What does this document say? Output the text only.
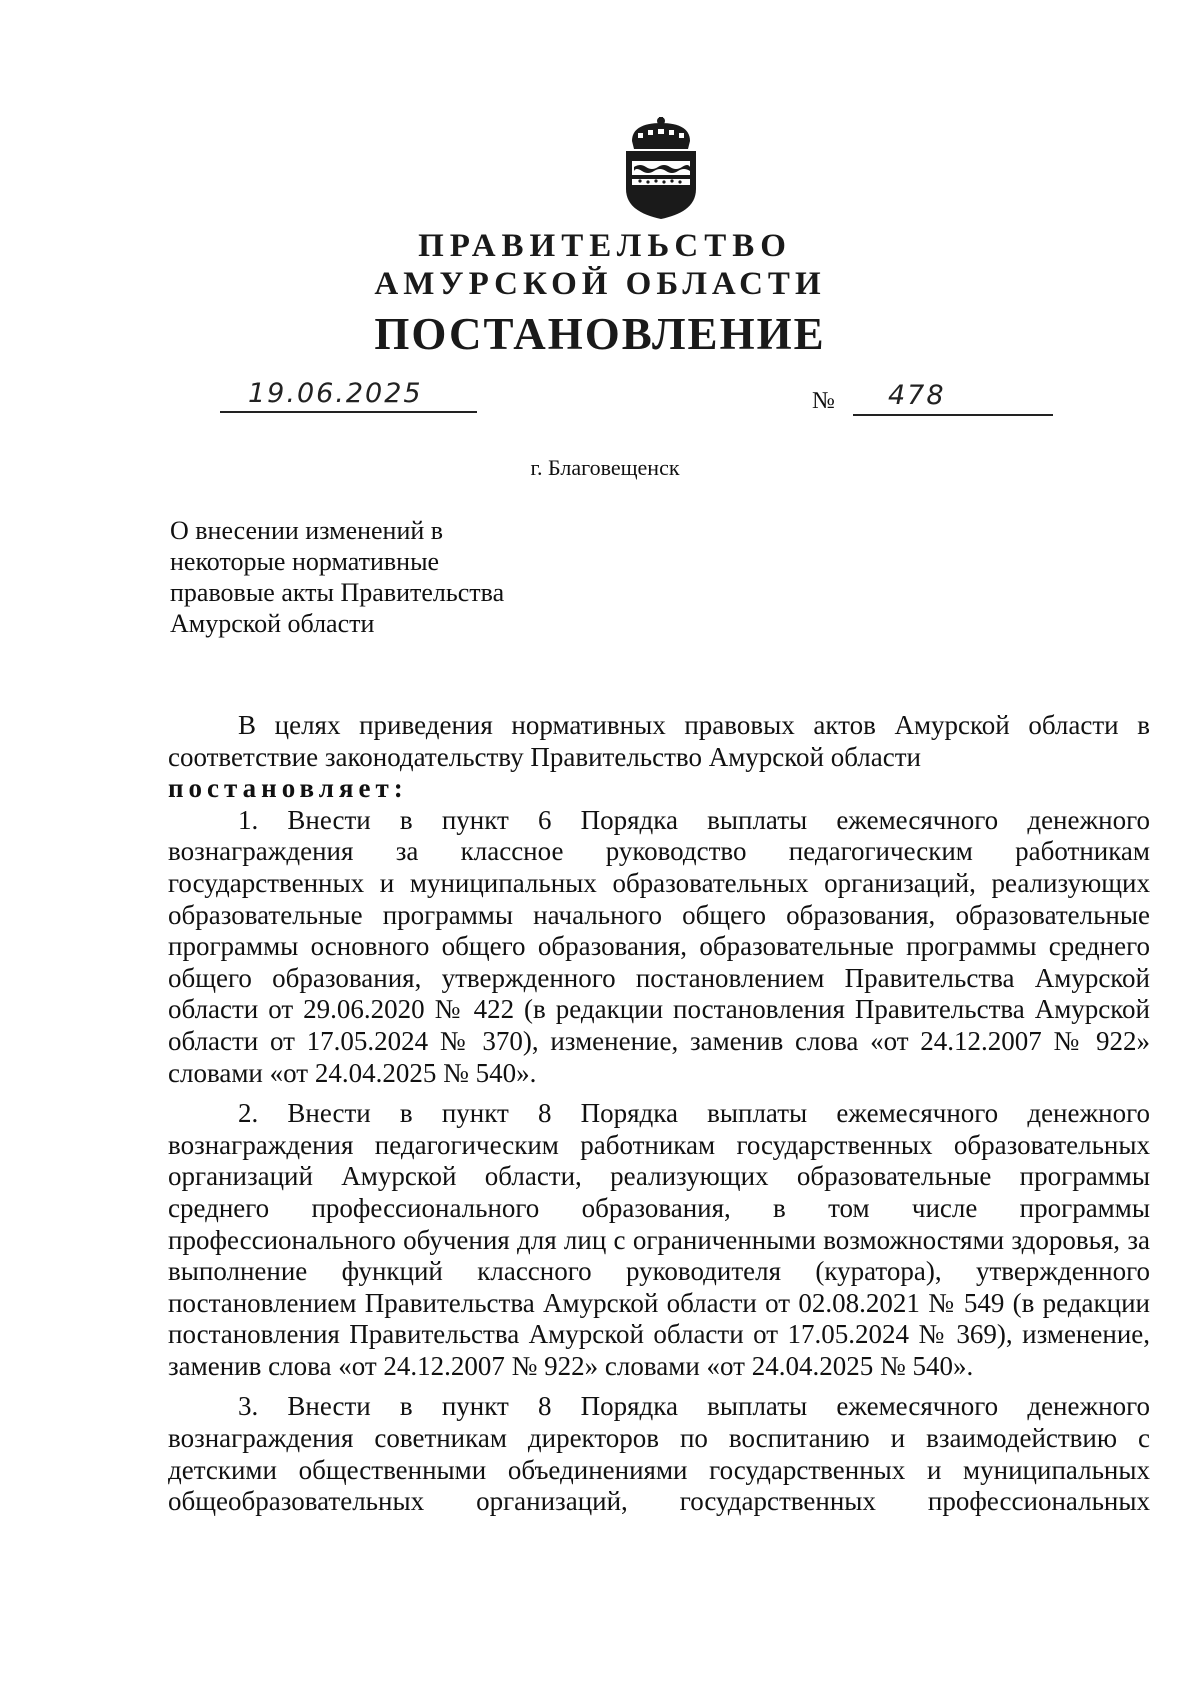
ПРАВИТЕЛЬСТВО
АМУРСКОЙ ОБЛАСТИ
ПОСТАНОВЛЕНИЕ
19.06.2025	№ 478
г. Благовещенск
О внесении изменений в
некоторые нормативные
правовые акты Правительства
Амурской области

В целях приведения нормативных правовых актов Амурской области в соответствие законодательству Правительство Амурской области

постановляет:

1. Внести в пункт 6 Порядка выплаты ежемесячного денежного вознаграждения за классное руководство педагогическим работникам государственных и муниципальных образовательных организаций, реализующих образовательные программы начального общего образования, образовательные программы основного общего образования, образовательные программы среднего общего образования, утвержденного постановлением Правительства Амурской области от 29.06.2020 № 422 (в редакции постановления Правительства Амурской области от 17.05.2024 № 370), изменение, заменив слова «от 24.12.2007 № 922» словами «от 24.04.2025 № 540».

2. Внести в пункт 8 Порядка выплаты ежемесячного денежного вознаграждения педагогическим работникам государственных образовательных организаций Амурской области, реализующих образовательные программы среднего профессионального образования, в том числе программы профессионального обучения для лиц с ограниченными возможностями здоровья, за выполнение функций классного руководителя (куратора), утвержденного постановлением Правительства Амурской области от 02.08.2021 № 549 (в редакции постановления Правительства Амурской области от 17.05.2024 № 369), изменение, заменив слова «от 24.12.2007 № 922» словами «от 24.04.2025 № 540».

3. Внести в пункт 8 Порядка выплаты ежемесячного денежного вознаграждения советникам директоров по воспитанию и взаимодействию с детскими общественными объединениями государственных и муниципальных общеобразовательных организаций, государственных профессиональных
